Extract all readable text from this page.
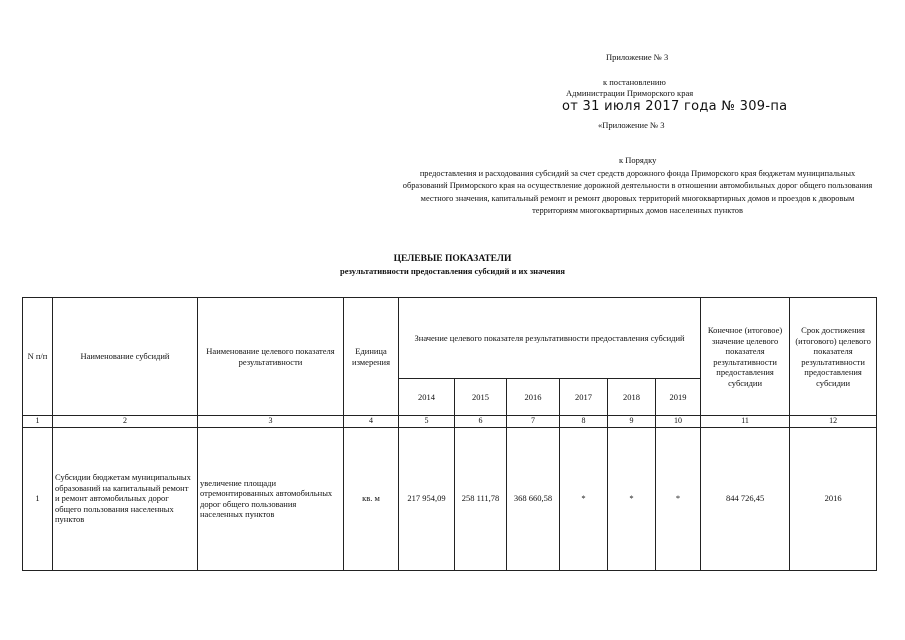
Приложение № 3
к постановлению
Администрации Приморского края
от 31 июля 2017 года № 309-па
«Приложение № 3
к Порядку
предоставления и расходования субсидий за счет средств дорожного фонда Приморского края бюджетам муниципальных образований Приморского края на осуществление дорожной деятельности в отношении автомобильных дорог общего пользования местного значения, капитальный ремонт и ремонт дворовых территорий многоквартирных домов и проездов к дворовым территориям многоквартирных домов населенных пунктов
ЦЕЛЕВЫЕ ПОКАЗАТЕЛИ
результативности предоставления субсидий и их значения
N п/п	Наименование субсидий	Наименование целевого показателя результативности	Единица измерения	Значение целевого показателя результативности предоставления субсидий						Конечное (итоговое) значение целевого показателя результативности предоставления субсидии	Срок достижения (итогового) целевого показателя результативности предоставления субсидии
				2014	2015	2016	2017	2018	2019		
1	2	3	4	5	6	7	8	9	10	11	12
1	Субсидии бюджетам муниципальных образований на капитальный ремонт и ремонт автомобильных дорог общего пользования населенных пунктов	увеличение площади отремонтированных автомобильных дорог общего пользования населенных пунктов	кв. м	217 954,09	258 111,78	368 660,58	*	*	*	844 726,45	2016
